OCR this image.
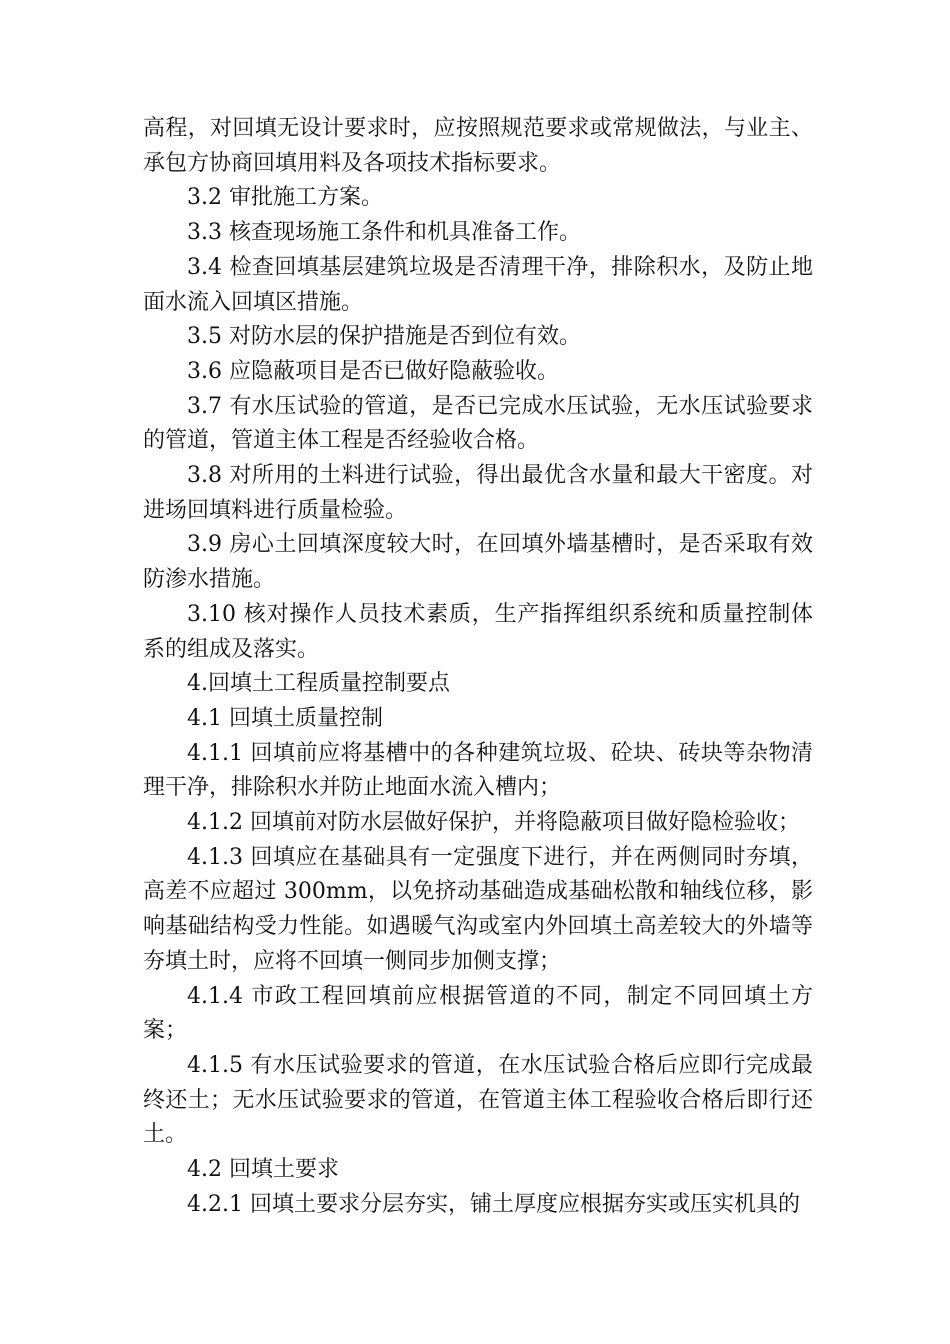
高程，对回填无设计要求时，应按照规范要求或常规做法，与业主、承包方协商回填用料及各项技术指标要求。

3.2 审批施工方案。

3.3 核查现场施工条件和机具准备工作。

3.4 检查回填基层建筑垃圾是否清理干净，排除积水，及防止地面水流入回填区措施。

3.5 对防水层的保护措施是否到位有效。

3.6 应隐蔽项目是否已做好隐蔽验收。

3.7 有水压试验的管道，是否已完成水压试验，无水压试验要求的管道，管道主体工程是否经验收合格。

3.8 对所用的土料进行试验，得出最优含水量和最大干密度。对进场回填料进行质量检验。

3.9 房心土回填深度较大时，在回填外墙基槽时，是否采取有效防渗水措施。

3.10 核对操作人员技术素质，生产指挥组织系统和质量控制体系的组成及落实。

4.回填土工程质量控制要点

4.1 回填土质量控制

4.1.1 回填前应将基槽中的各种建筑垃圾、砼块、砖块等杂物清理干净，排除积水并防止地面水流入槽内；

4.1.2 回填前对防水层做好保护，并将隐蔽项目做好隐检验收；

4.1.3 回填应在基础具有一定强度下进行，并在两侧同时夯填，高差不应超过 300mm，以免挤动基础造成基础松散和轴线位移，影响基础结构受力性能。如遇暖气沟或室内外回填土高差较大的外墙等夯填土时，应将不回填一侧同步加侧支撑；

4.1.4 市政工程回填前应根据管道的不同，制定不同回填土方案；

4.1.5 有水压试验要求的管道，在水压试验合格后应即行完成最终还土；无水压试验要求的管道，在管道主体工程验收合格后即行还土。

4.2 回填土要求

4.2.1 回填土要求分层夯实，铺土厚度应根据夯实或压实机具的
